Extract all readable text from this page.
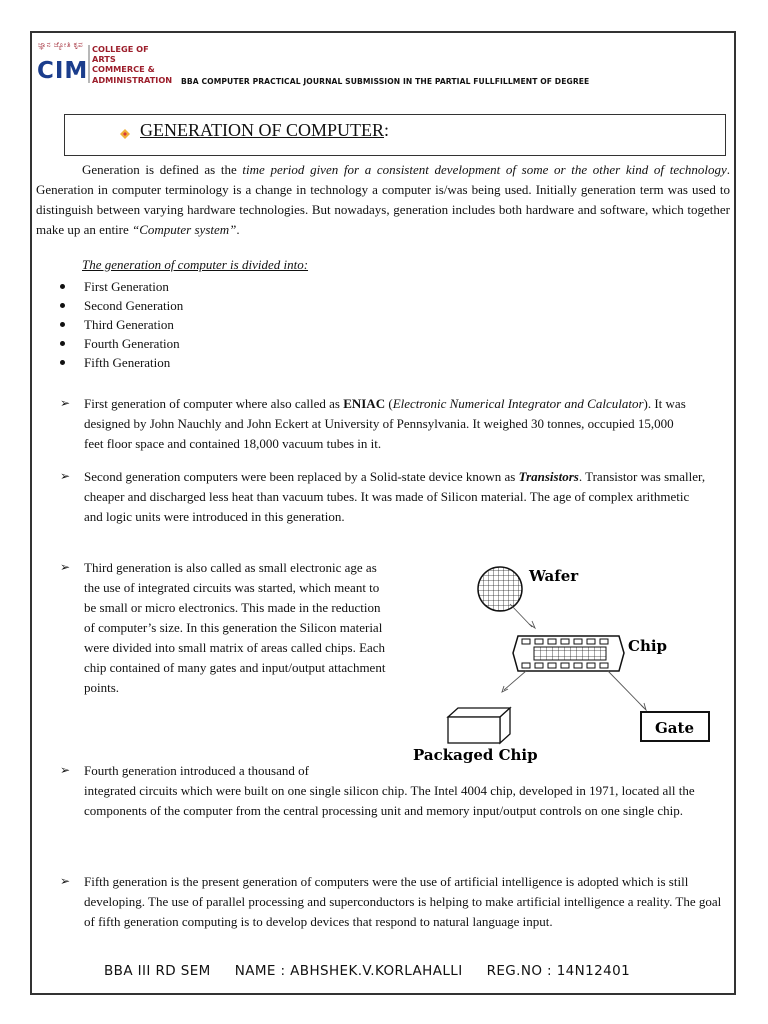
ಜ್ಞಾನ ಜ್ಯೋತಿ ಕೃಪ
CIM
COLLEGE OF
ARTS
COMMERCE &
ADMINISTRATION BBA COMPUTER PRACTICAL JOURNAL SUBMISSION IN THE PARTIAL FULLFILLMENT OF DEGREE
GENERATION OF COMPUTER:
Generation is defined as the time period given for a consistent development of some or the other kind of technology. Generation in computer terminology is a change in technology a computer is/was being used. Initially generation term was used to distinguish between varying hardware technologies. But nowadays, generation includes both hardware and software, which together make up an entire “Computer system”.
The generation of computer is divided into:
First Generation
Second Generation
Third Generation
Fourth Generation
Fifth Generation
➢ First generation of computer where also called as ENIAC (Electronic Numerical Integrator and Calculator). It was designed by John Nauchly and John Eckert at University of Pennsylvania. It weighed 30 tonnes, occupied 15,000 feet floor space and contained 18,000 vacuum tubes in it.
➢ Second generation computers were been replaced by a Solid-state device known as Transistors. Transistor was smaller, cheaper and discharged less heat than vacuum tubes. It was made of Silicon material. The age of complex arithmetic and logic units were introduced in this generation.
➢ Third generation is also called as small electronic age as the use of integrated circuits was started, which meant to be small or micro electronics. This made in the reduction of computer’s size. In this generation the Silicon material were divided into small matrix of areas called chips. Each chip contained of many gates and input/output attachment points.
Wafer
Chip
Gate
Packaged Chip
➢ Fourth generation introduced a thousand of
integrated circuits which were built on one single silicon chip. The Intel 4004 chip, developed in 1971, located all the components of the computer from the central processing unit and memory input/output controls on one single chip.
➢ Fifth generation is the present generation of computers were the use of artificial intelligence is adopted which is still developing. The use of parallel processing and superconductors is helping to make artificial intelligence a reality. The goal of fifth generation computing is to develop devices that respond to natural language input.
BBA III RD SEM NAME : ABHSHEK.V.KORLAHALLI REG.NO : 14N12401
